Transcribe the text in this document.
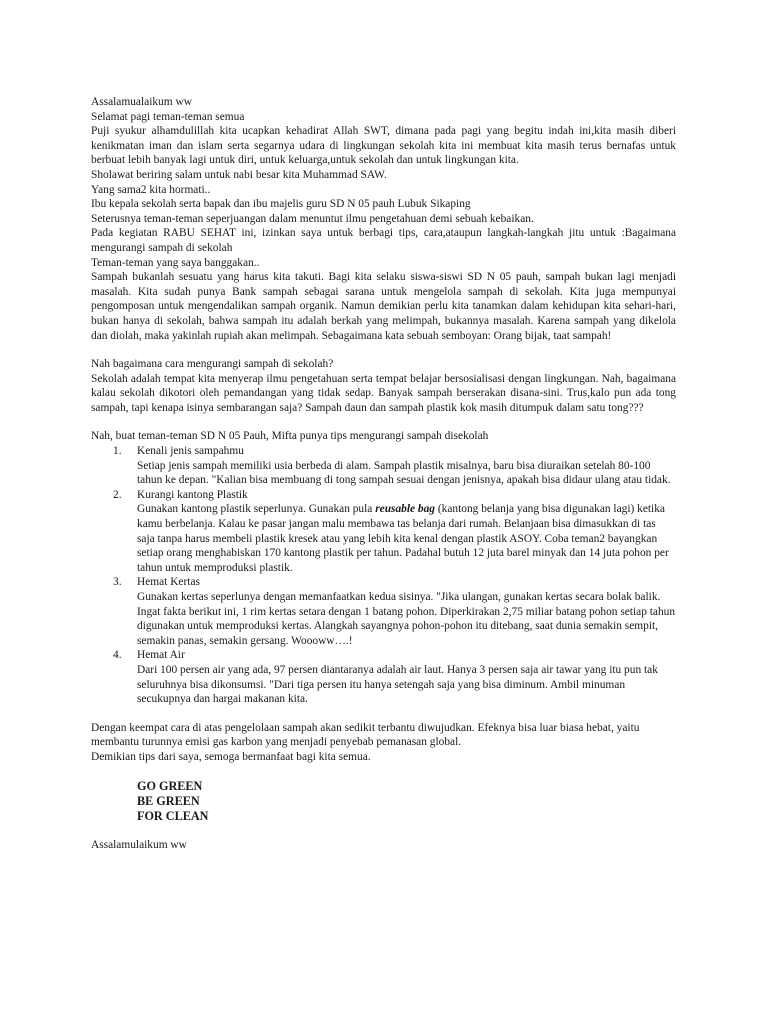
Assalamualaikum ww

Selamat pagi teman-teman semua

Puji syukur alhamdulillah kita ucapkan kehadirat Allah SWT, dimana pada pagi yang begitu indah ini,kita masih diberi kenikmatan iman dan islam serta segarnya udara di lingkungan sekolah kita ini membuat kita masih terus bernafas untuk berbuat lebih banyak lagi untuk diri, untuk keluarga,untuk sekolah dan untuk lingkungan kita.

Sholawat beriring salam untuk nabi besar kita Muhammad SAW.

Yang sama2 kita hormati..

Ibu kepala sekolah serta bapak dan ibu majelis guru SD N 05 pauh Lubuk Sikaping

Seterusnya teman-teman seperjuangan dalam menuntut ilmu pengetahuan demi sebuah kebaikan.

Pada kegiatan RABU SEHAT ini, izinkan saya untuk berbagi tips, cara,ataupun langkah-langkah jitu untuk :Bagaimana mengurangi sampah di sekolah

Teman-teman yang saya banggakan..

Sampah bukanlah sesuatu yang harus kita takuti. Bagi kita selaku siswa-siswi SD N 05 pauh, sampah bukan lagi menjadi masalah. Kita sudah punya Bank sampah sebagai sarana untuk mengelola sampah di sekolah. Kita juga mempunyai pengomposan untuk mengendalikan sampah organik. Namun demikian perlu kita tanamkan dalam kehidupan kita sehari-hari, bukan hanya di sekolah, bahwa sampah itu adalah berkah yang melimpah, bukannya masalah. Karena sampah yang dikelola dan diolah, maka yakinlah rupiah akan melimpah. Sebagaimana kata sebuah semboyan: Orang bijak, taat sampah!

Nah bagaimana cara mengurangi sampah di sekolah?

Sekolah adalah tempat kita menyerap ilmu pengetahuan serta tempat belajar bersosialisasi dengan lingkungan. Nah, bagaimana kalau sekolah dikotori oleh pemandangan yang tidak sedap. Banyak sampah berserakan disana-sini. Trus,kalo pun ada tong sampah, tapi kenapa isinya sembarangan saja? Sampah daun dan sampah plastik kok masih ditumpuk dalam satu tong???

Nah, buat teman-teman SD N 05 Pauh, Mifta punya tips mengurangi sampah disekolah

1. Kenali jenis sampahmu
Setiap jenis sampah memiliki usia berbeda di alam. Sampah plastik misalnya, baru bisa diuraikan setelah 80-100 tahun ke depan. "Kalian bisa membuang di tong sampah sesuai dengan jenisnya, apakah bisa didaur ulang atau tidak.
2. Kurangi kantong Plastik
Gunakan kantong plastik seperlunya. Gunakan pula reusable bag (kantong belanja yang bisa digunakan lagi) ketika kamu berbelanja. Kalau ke pasar jangan malu membawa tas belanja dari rumah. Belanjaan bisa dimasukkan di tas saja tanpa harus membeli plastik kresek atau yang lebih kita kenal dengan plastik ASOY. Coba teman2 bayangkan setiap orang menghabiskan 170 kantong plastik per tahun. Padahal butuh 12 juta barel minyak dan 14 juta pohon per tahun untuk memproduksi plastik.
3. Hemat Kertas
Gunakan kertas seperlunya dengan memanfaatkan kedua sisinya. "Jika ulangan, gunakan kertas secara bolak balik. Ingat fakta berikut ini, 1 rim kertas setara dengan 1 batang pohon. Diperkirakan 2,75 miliar batang pohon setiap tahun digunakan untuk memproduksi kertas. Alangkah sayangnya pohon-pohon itu ditebang, saat dunia semakin sempit, semakin panas, semakin gersang. Woooww….!
4. Hemat Air
Dari 100 persen air yang ada, 97 persen diantaranya adalah air laut. Hanya 3 persen saja air tawar yang itu pun tak seluruhnya bisa dikonsumsi. "Dari tiga persen itu hanya setengah saja yang bisa diminum. Ambil minuman secukupnya dan hargai makanan kita.

Dengan keempat cara di atas pengelolaan sampah akan sedikit terbantu diwujudkan. Efeknya bisa luar biasa hebat, yaitu membantu turunnya emisi gas karbon yang menjadi penyebab pemanasan global.

Demikian tips dari saya, semoga bermanfaat bagi kita semua.

GO GREEN
BE GREEN
FOR CLEAN

Assalamulaikum ww
